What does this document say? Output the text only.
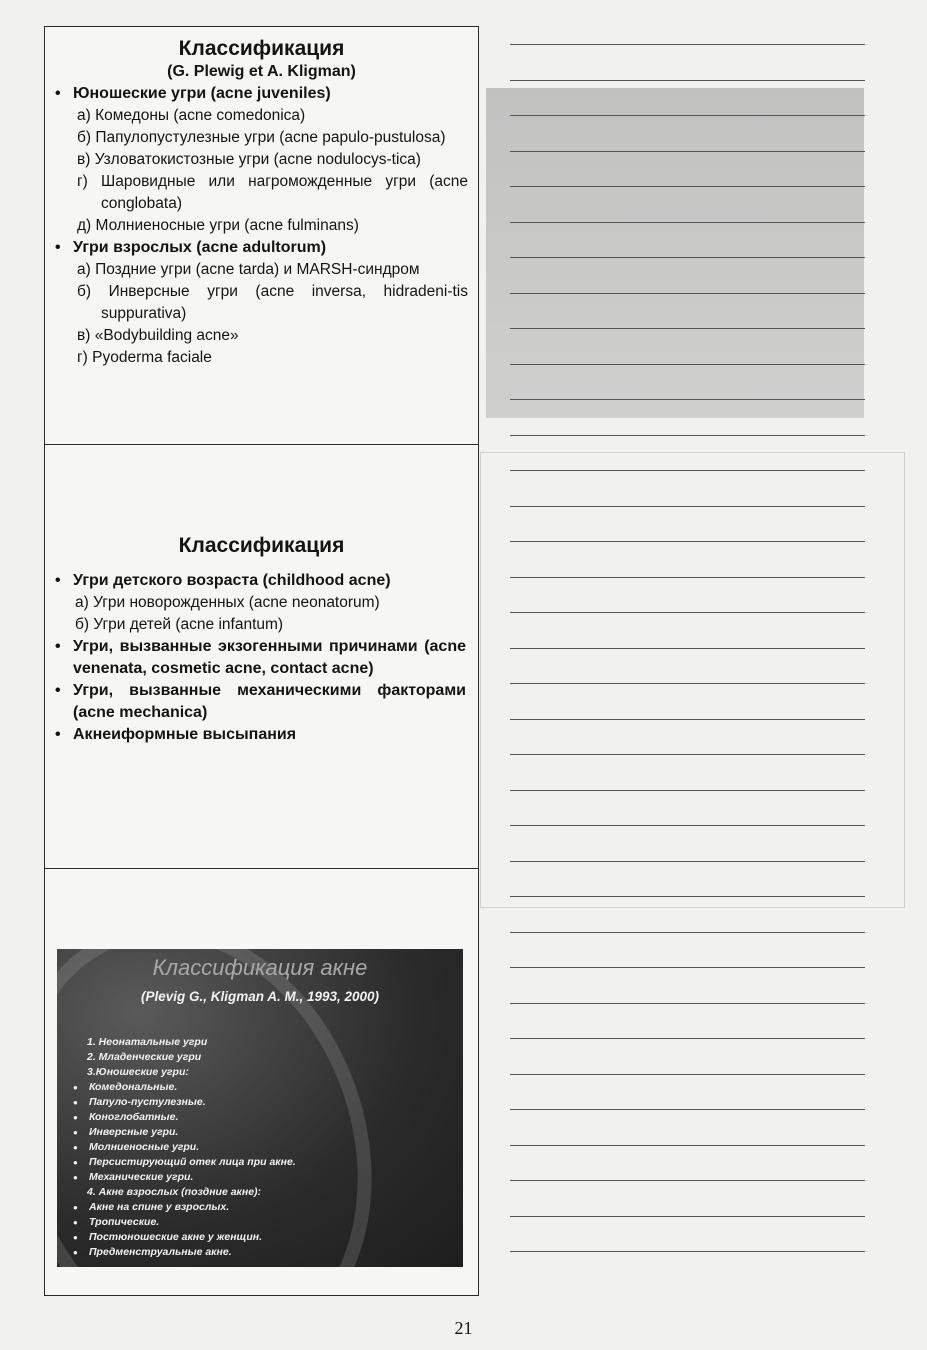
Классификация

(G. Plewig et A. Kligman)

• Юношеские угри (acne juveniles)

а) Комедоны (acne comedonica)

б) Папулопустулезные угри (acne papulo-pustulosa)

в) Узловатокистозные угри (acne nodulocys-tica)

г) Шаровидные или нагроможденные угри (acne conglobata)

д) Молниеносные угри (acne fulminans)

• Угри взрослых (acne adultorum)

а) Поздние угри (acne tarda) и MARSH-синдром

б) Инверсные угри (acne inversa, hidradeni-tis suppurativa)

в) «Bodybuilding acne»

г) Pyoderma faciale

Классификация

• Угри детского возраста (childhood acne)

а) Угри новорожденных (acne neonatorum)

б) Угри детей (acne infantum)

• Угри, вызванные экзогенными причинами (acne venenata, cosmetic acne, contact acne)

• Угри, вызванные механическими факторами (acne mechanica)

• Акнеиформные высыпания

Классификация акне

(Plevig G., Kligman A. M., 1993, 2000)

1. Неонатальные угри
2. Младенческие угри
3.Юношеские угри:
● Комедональные.
● Папуло-пустулезные.
● Коноглобатные.
● Инверсные угри.
● Молниеносные угри.
● Персистирующий отек лица при акне.
● Механические угри.
4. Акне взрослых (поздние акне):
● Акне на спине у взрослых.
● Тропические.
● Постюношеские акне у женщин.
● Предменструальные акне.

21
